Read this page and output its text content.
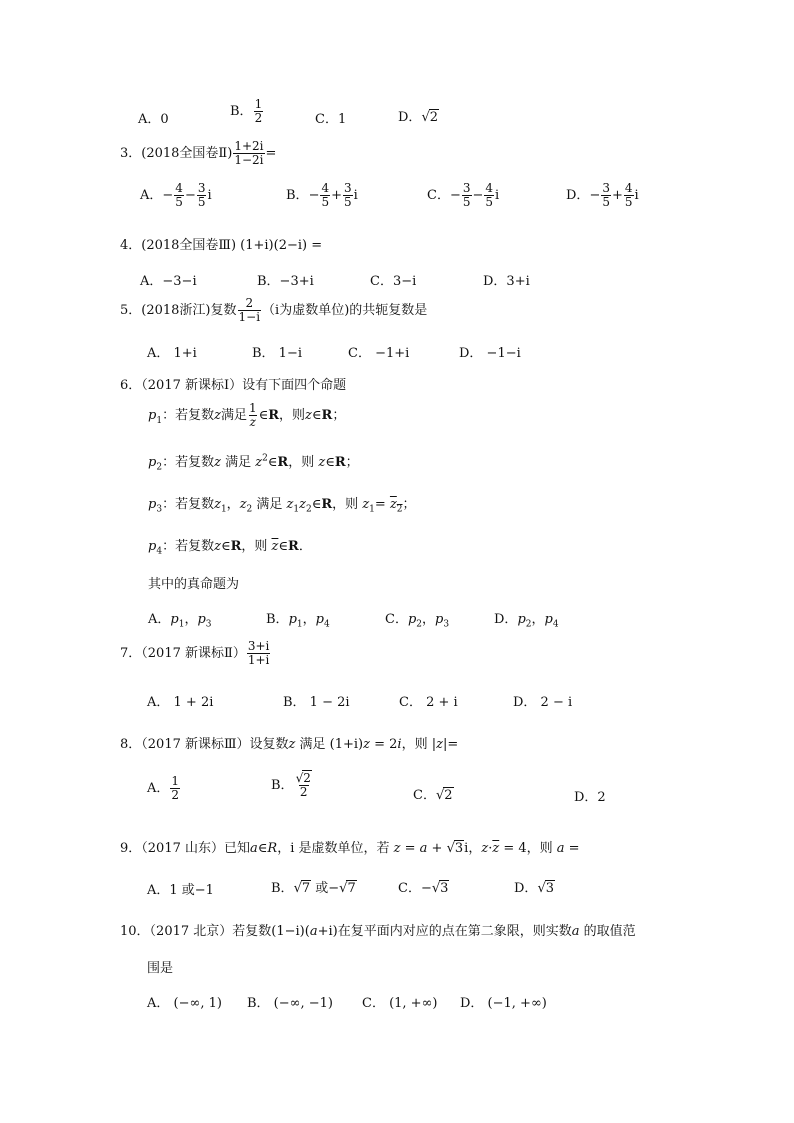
A．0
B． $\frac{1}{2}$	C．1	D．√2
3．(2018全国卷Ⅱ) $\frac{1+2i}{1-2i}$ =
A．− $\frac{4}{5} - \frac{3}{5}$ i	B．− $\frac{4}{5} + \frac{3}{5}$ i	C．− $\frac{3}{5} - \frac{4}{5}$ i	D．− $\frac{3}{5} + \frac{4}{5}$ i
4．(2018全国卷Ⅲ) (1+i)(2−i) =
A．−3−i	B．−3+i	C．3−i	D．3+i
5．(2018浙江)复数 $\frac{2}{1-i} (i$为虚数单位)的共轭复数是
A． 1+i	B． 1−i	C． −1+i	D． −1−i
6．（2017 新课标Ⅰ）设有下面四个命题
$p_1$：若复数z满足 $\frac{1}{z}$ ∈R，则z∈R；
$p_2$：若复数z 满足 $z^2\in R$，则 z∈R；
$p_3$：若复数$z_1$，$z_2$ 满足 $z_1z_2\in R$，则 $z_1= z_2$；
$p_4$：若复数z∈R，则 $\overline{z}\in R$．
其中的真命题为
A．$p_1$，$p_3$	B．$p_1$，$p_4$	C．$p_2$，$p_3$	D．$p_2$，$p_4$
7．（2017 新课标Ⅱ） $\frac{3+i}{1+i}$
A． 1 + 2i	B． 1 − 2i	C． 2 + i	D． 2 − i
8．（2017 新课标Ⅲ）设复数z 满足 (1+i)z = 2i，则 |z|=
A． $\frac{1}{2}$	B． $\frac{√2}{2}$	C．√2	D．2
9．（2017 山东）已知a∈R，i 是虚数单位，若 z = a + √3i，$z\cdot\overline{z} = 4$，则 a =
A．1 或−1	B．√7 或−√7	C．−√3	D．√3
10．（2017 北京）若复数(1−i)(a+i)在复平面内对应的点在第二象限，则实数a 的取值范
围是
A． (−∞, 1) B． (−∞, −1) C． (1, +∞) D． (−1, +∞)
